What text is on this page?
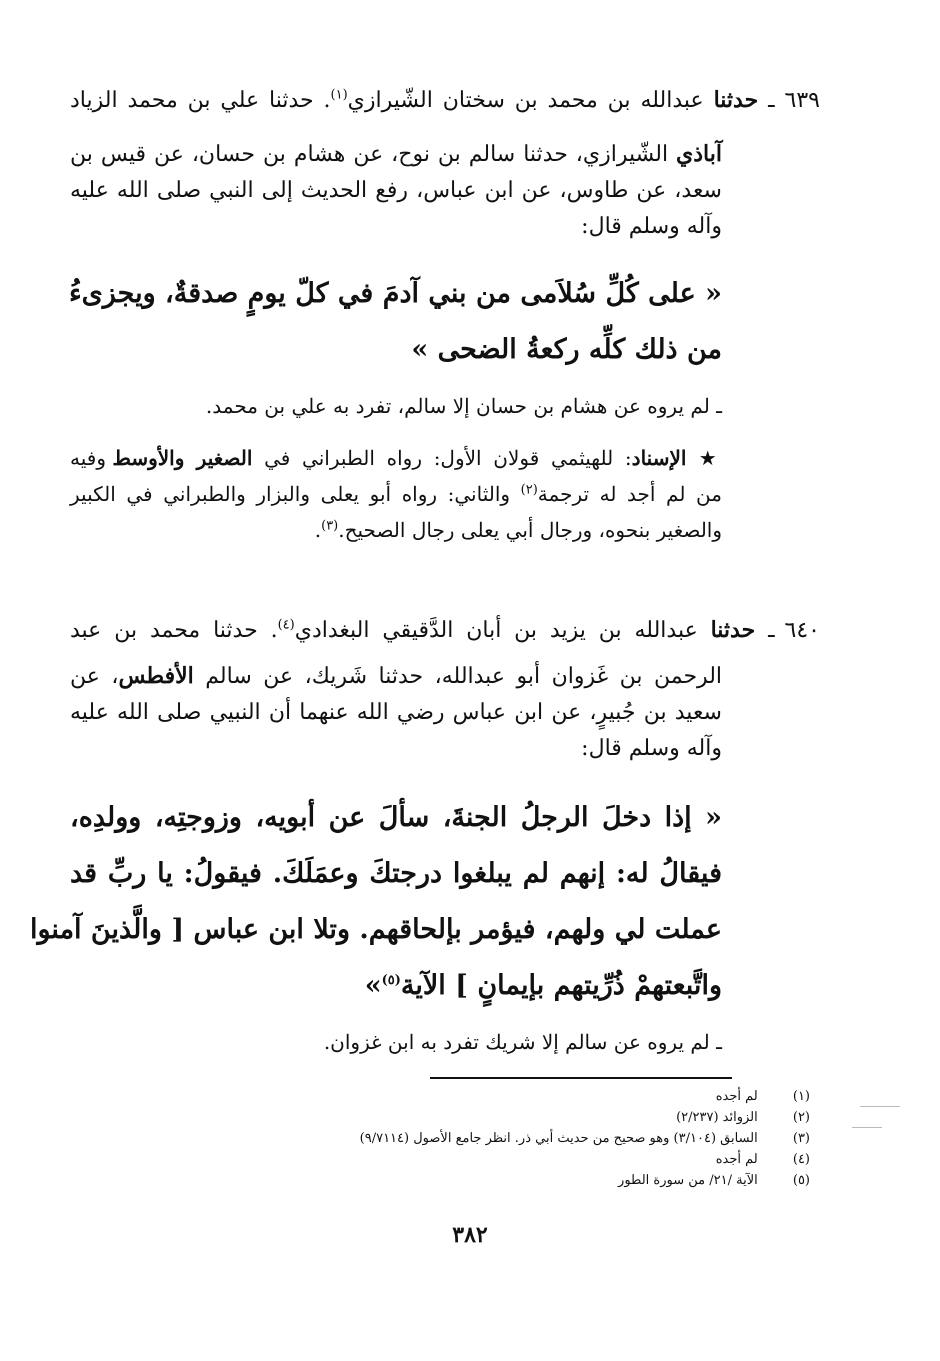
٦٣٩ـ حدثنا عبدالله بن محمد بن سختان الشّيرازي$^{(١)}$. حدثنا علي بن محمد الزياد
آباذي الشّيرازي، حدثنا سالم بن نوح، عن هشام بن حسان، عن قيس بن
سعد، عن طاوس، عن ابن عباس، رفع الحديث إلى النبي صلى الله عليه
وآله وسلم قال:
« على كُلِّ سُلاَمى من بني آدمَ في كلّ يومٍ صدقةٌ، ويجزىءُ
من ذلك كلِّه ركعةُ الضحى »
ـ لم يروه عن هشام بن حسان إلا سالم، تفرد به علي بن محمد.
★ الإسناد: للهيثمي قولان الأول: رواه الطبراني في الصغير والأوسط وفيه
من لم أجد له ترجمة$^{(٢)}$ والثاني: رواه أبو يعلى والبزار والطبراني في الكبير
والصغير بنحوه، ورجال أبي يعلى رجال الصحيح.$^{(٣)}$.
٦٤٠ـ حدثنا عبدالله بن يزيد بن أبان الدَّقيقي البغدادي$^{(٤)}$. حدثنا محمد بن عبد
الرحمن بن غَزوان أبو عبدالله، حدثنا شَريك، عن سالم الأفطس، عن
سعيد بن جُبيرٍ، عن ابن عباس رضي الله عنهما أن النبيي صلى الله عليه
وآله وسلم قال:
« إذا دخلَ الرجلُ الجنةَ، سألَ عن أبويه، وزوجتِه، وولدِه،
فيقالُ له: إنهم لم يبلغوا درجتكَ وعمَلَكَ. فيقولُ: يا ربِّ قد
عملت لي ولهم، فيؤمر بإلحاقهم. وتلا ابن عباس [ والَّذينَ آمنوا
واتَّبعتهمْ ذُرِّيتهم بإيمانٍ ] الآية$^{(٥)}$»
ـ لم يروه عن سالم إلا شريك تفرد به ابن غزوان.
(١)  لم أجده
(٢)  الزوائد (٢/٢٣٧)
(٣)  السابق (٣/١٠٤) وهو صحيح من حديث أبي ذر. انظر جامع الأصول (٩/٧١١٤)
(٤)  لم أجده
(٥)  الآية /٢١/ من سورة الطور
٣٨٢
